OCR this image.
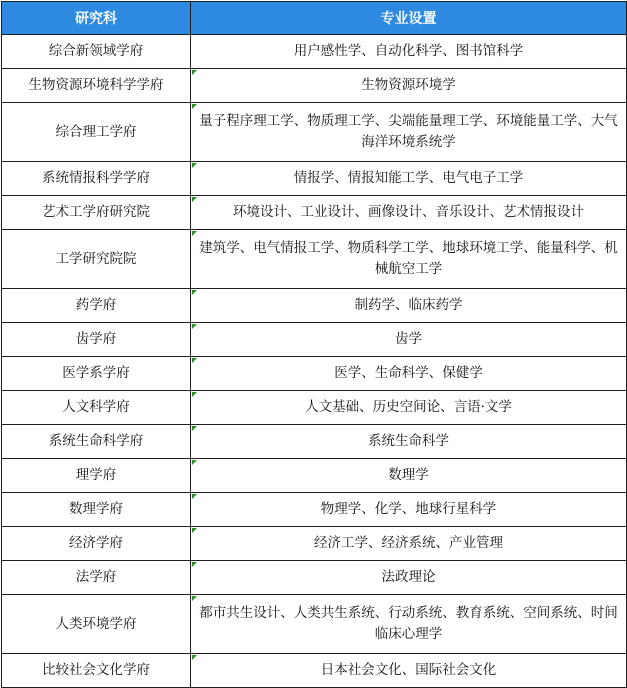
研究科	专业设置
综合新领域学府	用户感性学、自动化科学、图书馆科学
生物资源环境科学学府	生物资源环境学
综合理工学府	量子程序理工学、物质理工学、尖端能量理工学、环境能量工学、大气海洋环境系统学
系统情报科学学府	情报学、情报知能工学、电气电子工学
艺术工学府研究院	环境设计、工业设计、画像设计、音乐设计、艺术情报设计
工学研究院院	建筑学、电气情报工学、物质科学工学、地球环境工学、能量科学、机械航空工学
药学府	制药学、临床药学
齿学府	齿学
医学系学府	医学、生命科学、保健学
人文科学府	人文基础、历史空间论、言语·文学
系统生命科学府	系统生命科学
理学府	数理学
数理学府	物理学、化学、地球行星科学
经济学府	经济工学、经济系统、产业管理
法学府	法政理论
人类环境学府	都市共生设计、人类共生系统、行动系统、教育系统、空间系统、时间临床心理学
比较社会文化学府	日本社会文化、国际社会文化
